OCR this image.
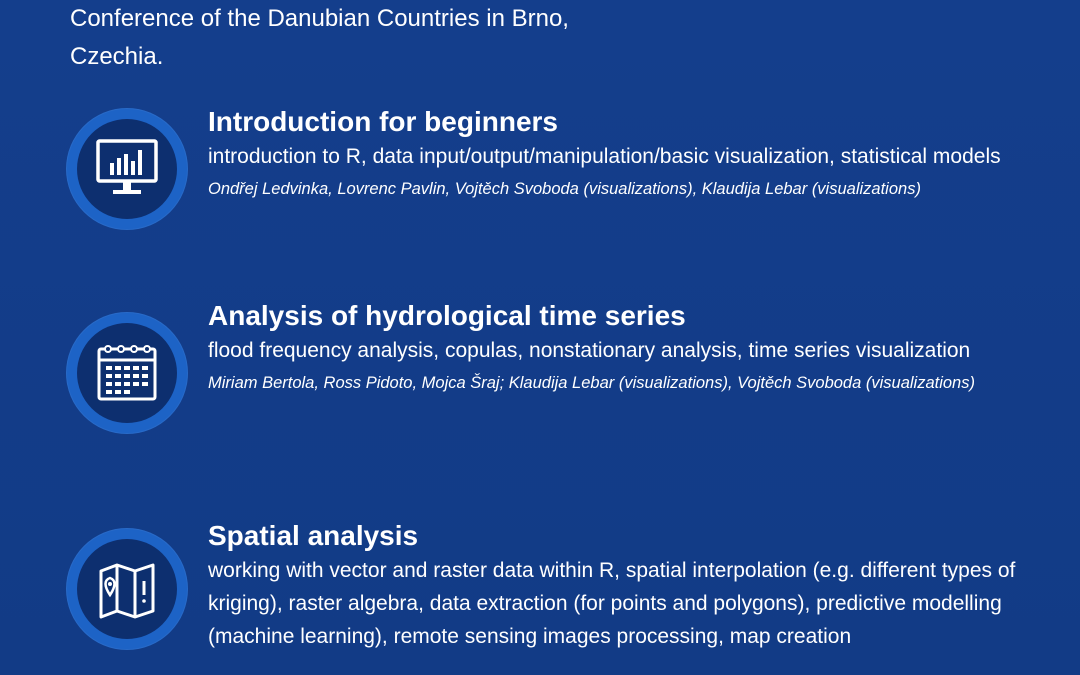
Conference of the Danubian Countries in Brno,
Czechia.

Introduction for beginners

introduction to R, data input/output/manipulation/basic visualization, statistical models

Ondřej Ledvinka, Lovrenc Pavlin, Vojtěch Svoboda (visualizations), Klaudija Lebar (visualizations)

Analysis of hydrological time series

flood frequency analysis, copulas, nonstationary analysis, time series visualization

Miriam Bertola, Ross Pidoto, Mojca Šraj; Klaudija Lebar (visualizations), Vojtěch Svoboda (visualizations)

Spatial analysis

working with vector and raster data within R, spatial interpolation (e.g. different types of kriging), raster algebra, data extraction (for points and polygons), predictive modelling (machine learning), remote sensing images processing, map creation
